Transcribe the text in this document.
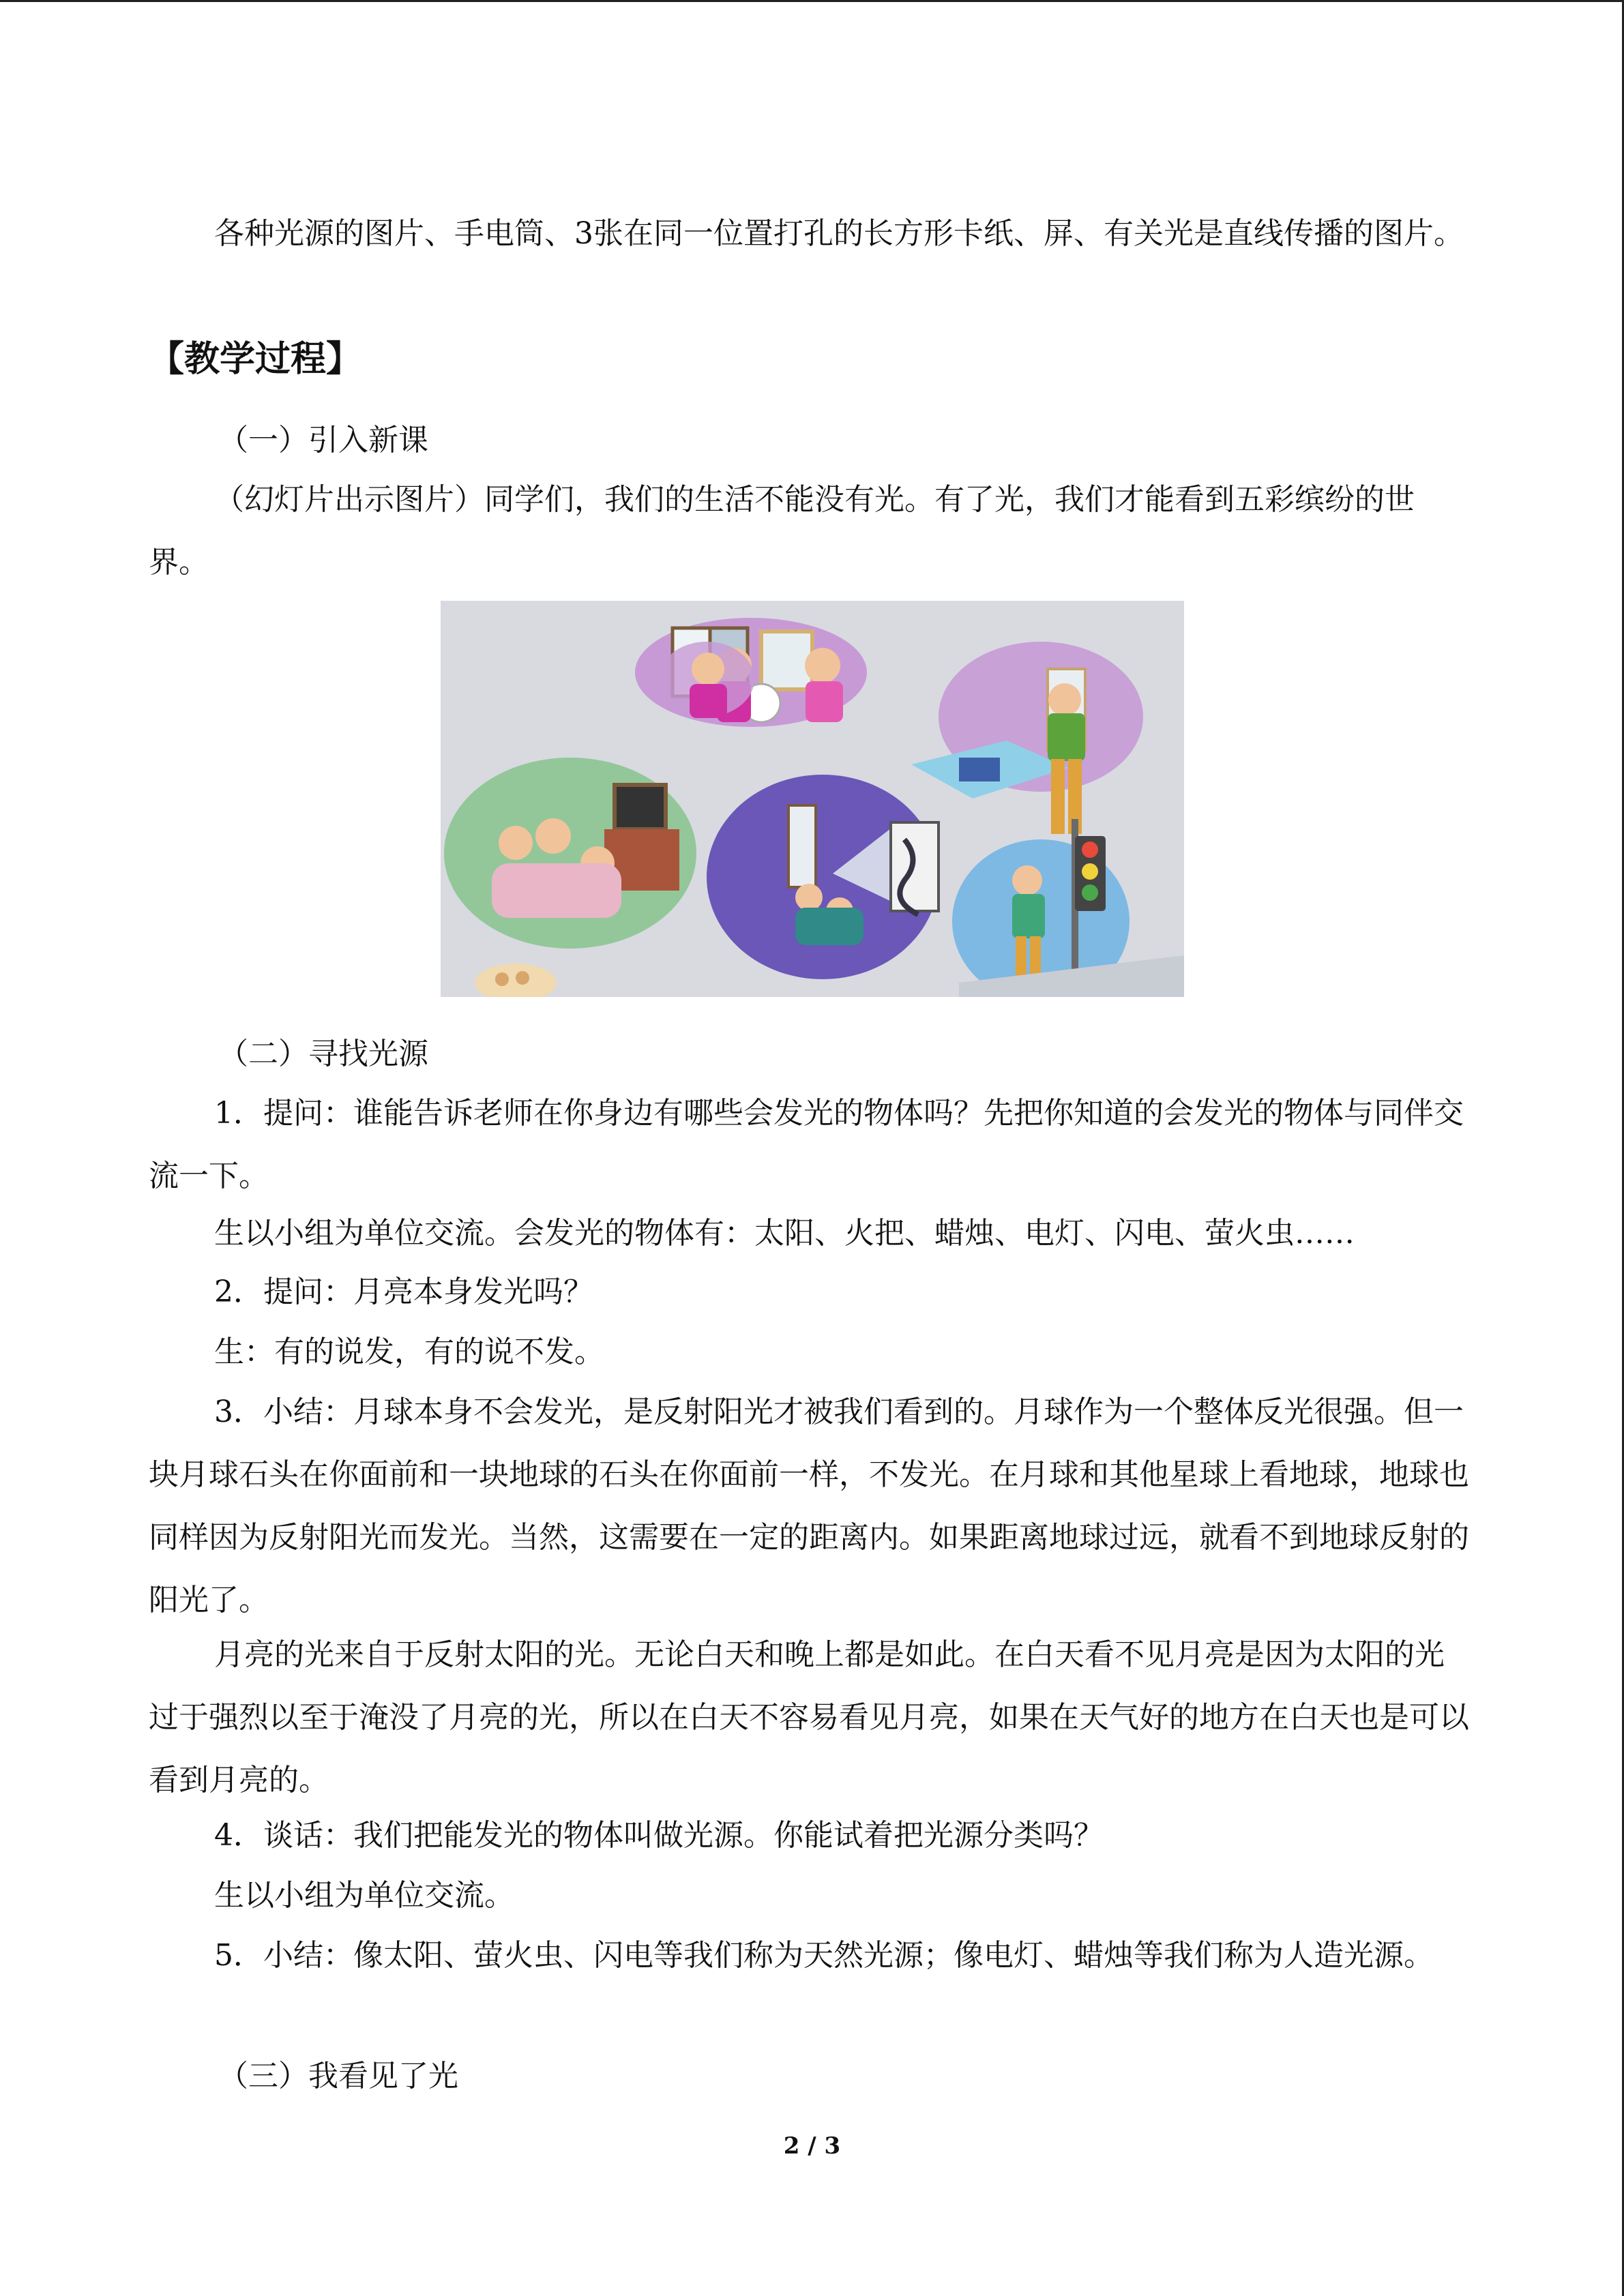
各种光源的图片、手电筒、3张在同一位置打孔的长方形卡纸、屏、有关光是直线传播的图片。

【教学过程】

（一）引入新课

（幻灯片出示图片）同学们，我们的生活不能没有光。有了光，我们才能看到五彩缤纷的世界。

（二）寻找光源

1．提问：谁能告诉老师在你身边有哪些会发光的物体吗？先把你知道的会发光的物体与同伴交流一下。

生以小组为单位交流。会发光的物体有：太阳、火把、蜡烛、电灯、闪电、萤火虫……

2．提问：月亮本身发光吗？

生：有的说发，有的说不发。

3．小结：月球本身不会发光，是反射阳光才被我们看到的。月球作为一个整体反光很强。但一块月球石头在你面前和一块地球的石头在你面前一样，不发光。在月球和其他星球上看地球，地球也同样因为反射阳光而发光。当然，这需要在一定的距离内。如果距离地球过远，就看不到地球反射的阳光了。

月亮的光来自于反射太阳的光。无论白天和晚上都是如此。在白天看不见月亮是因为太阳的光过于强烈以至于淹没了月亮的光，所以在白天不容易看见月亮，如果在天气好的地方在白天也是可以看到月亮的。

4．谈话：我们把能发光的物体叫做光源。你能试着把光源分类吗？

生以小组为单位交流。

5．小结：像太阳、萤火虫、闪电等我们称为天然光源；像电灯、蜡烛等我们称为人造光源。

（三）我看见了光

2 / 3
